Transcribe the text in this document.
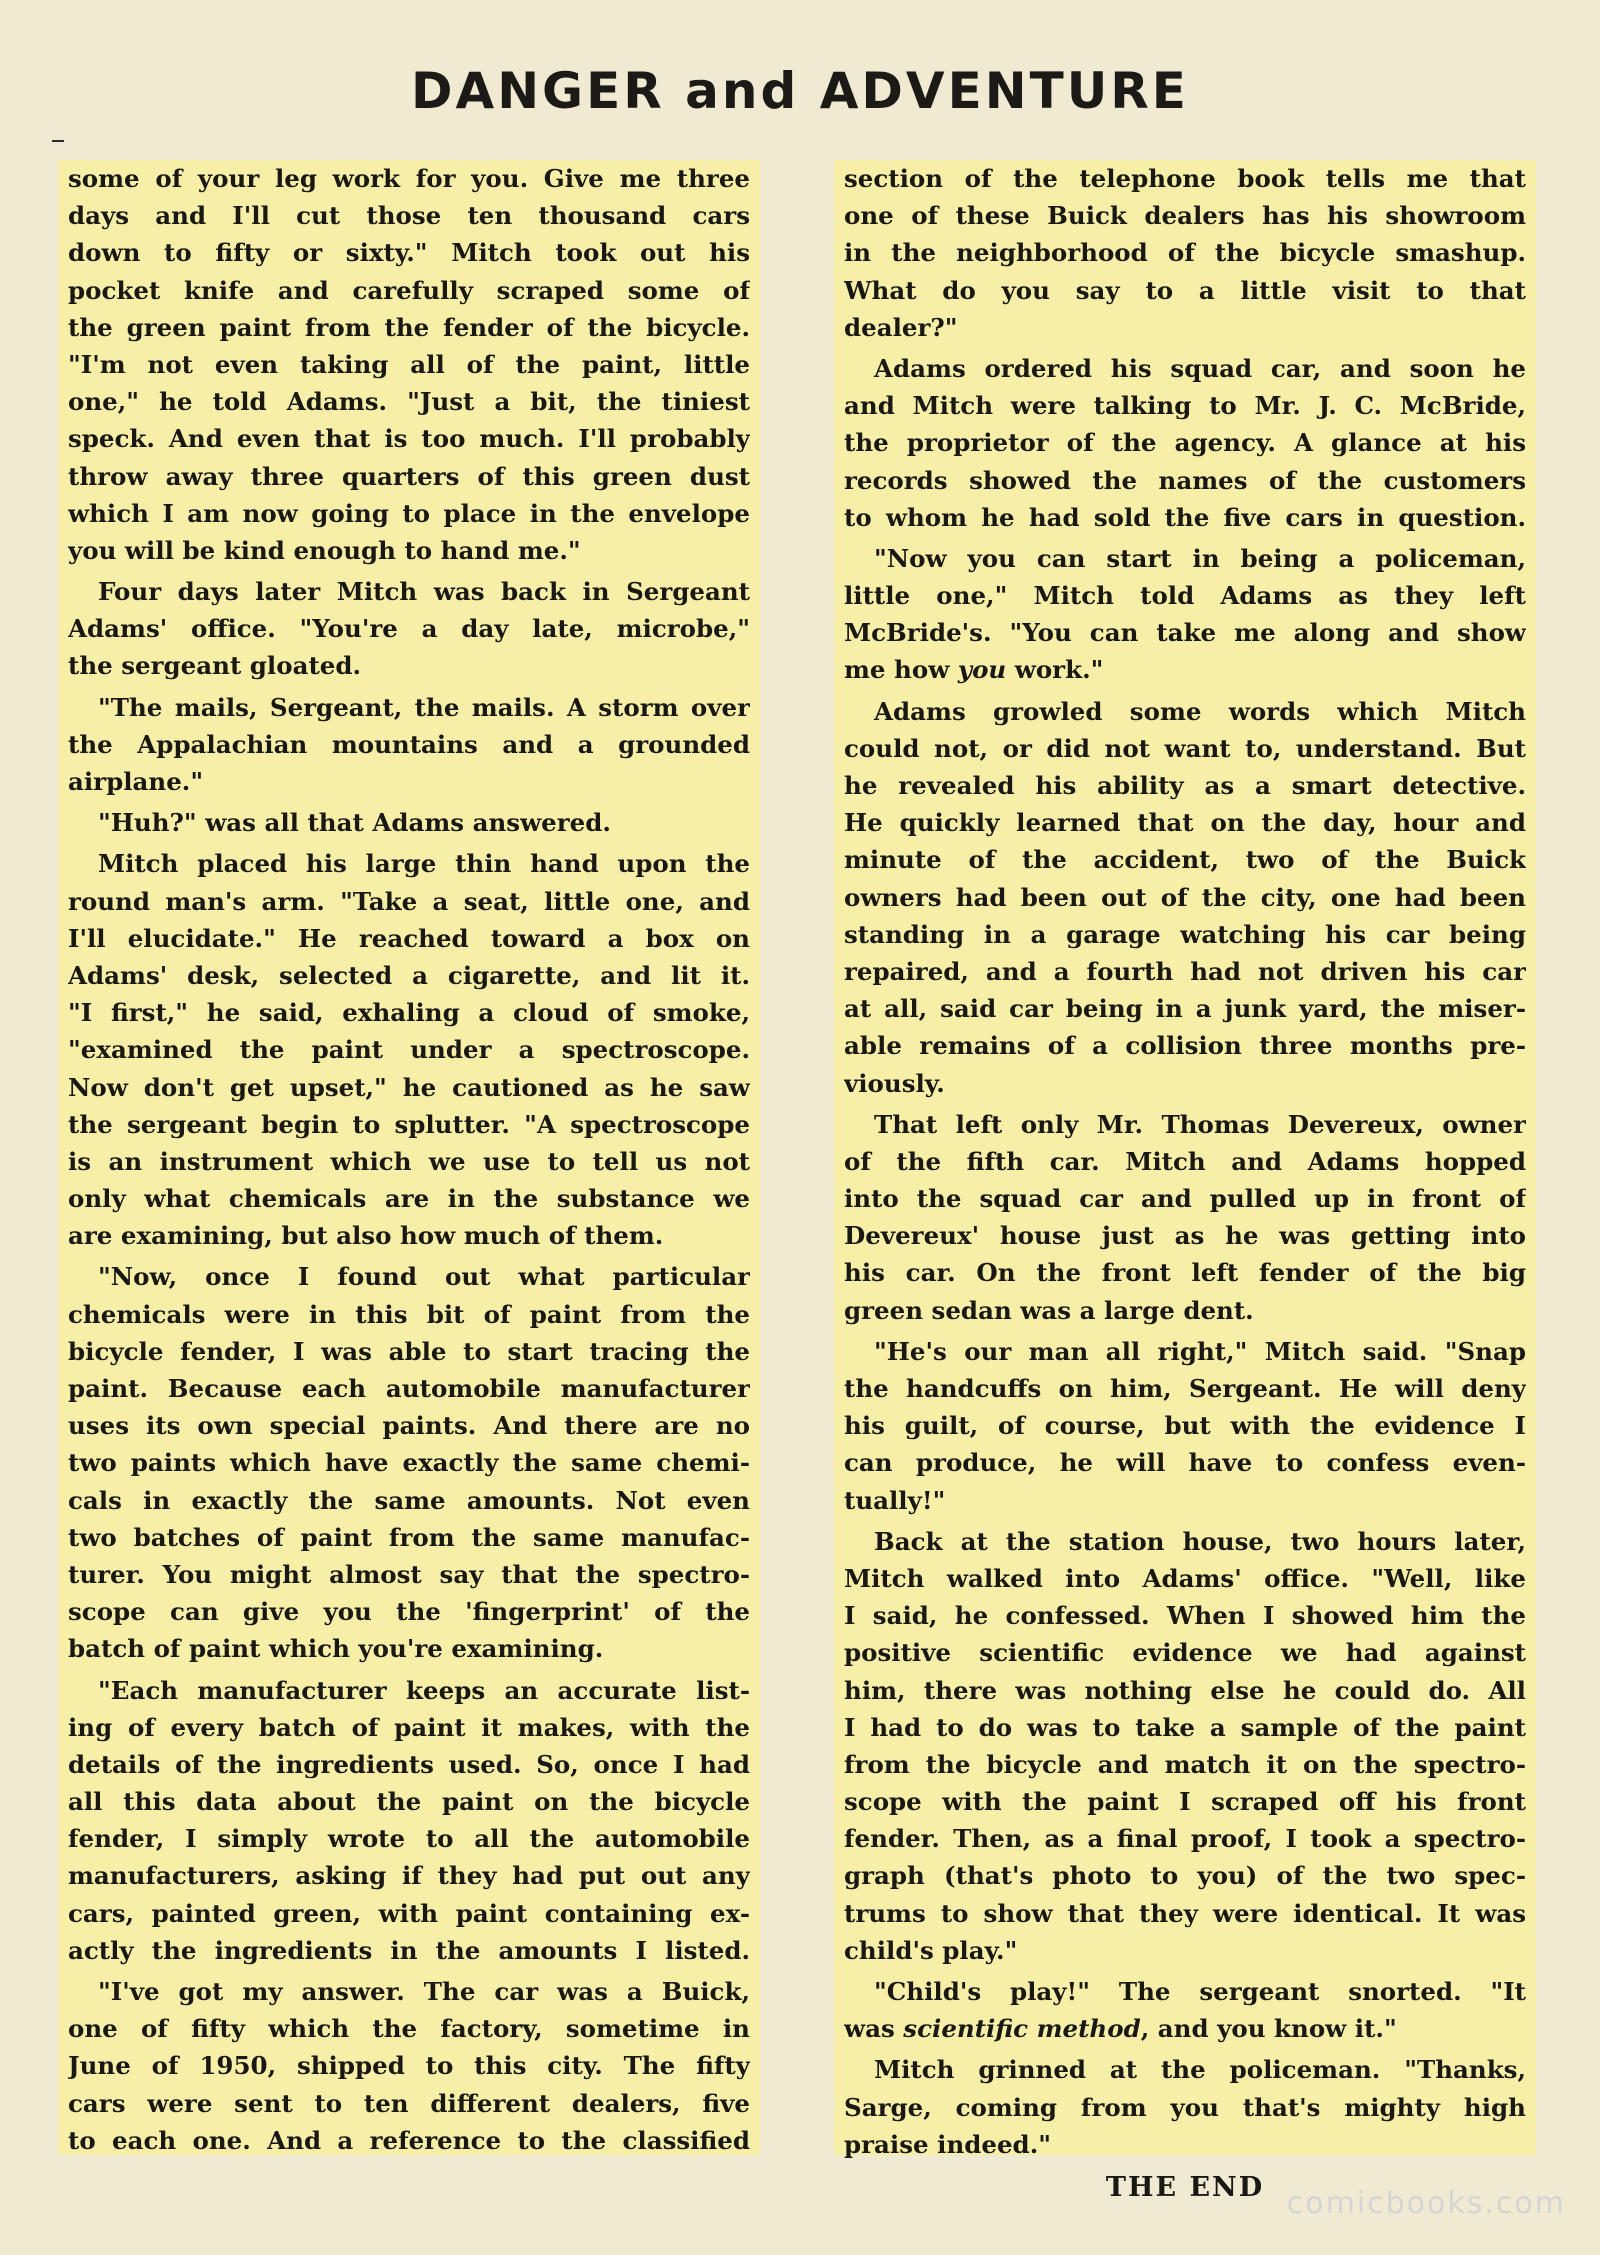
DANGER and ADVENTURE
some of your leg work for you. Give me three
days and I'll cut those ten thousand cars
down to fifty or sixty." Mitch took out his
pocket knife and carefully scraped some of
the green paint from the fender of the bicycle.
"I'm not even taking all of the paint, little
one," he told Adams. "Just a bit, the tiniest
speck. And even that is too much. I'll probably
throw away three quarters of this green dust
which I am now going to place in the envelope
you will be kind enough to hand me."
Four days later Mitch was back in Sergeant
Adams' office. "You're a day late, microbe,"
the sergeant gloated.
"The mails, Sergeant, the mails. A storm over
the Appalachian mountains and a grounded
airplane."
"Huh?" was all that Adams answered.
Mitch placed his large thin hand upon the
round man's arm. "Take a seat, little one, and
I'll elucidate." He reached toward a box on
Adams' desk, selected a cigarette, and lit it.
"I first," he said, exhaling a cloud of smoke,
"examined the paint under a spectroscope.
Now don't get upset," he cautioned as he saw
the sergeant begin to splutter. "A spectroscope
is an instrument which we use to tell us not
only what chemicals are in the substance we
are examining, but also how much of them.
"Now, once I found out what particular
chemicals were in this bit of paint from the
bicycle fender, I was able to start tracing the
paint. Because each automobile manufacturer
uses its own special paints. And there are no
two paints which have exactly the same chemi-
cals in exactly the same amounts. Not even
two batches of paint from the same manufac-
turer. You might almost say that the spectro-
scope can give you the 'fingerprint' of the
batch of paint which you're examining.
"Each manufacturer keeps an accurate list-
ing of every batch of paint it makes, with the
details of the ingredients used. So, once I had
all this data about the paint on the bicycle
fender, I simply wrote to all the automobile
manufacturers, asking if they had put out any
cars, painted green, with paint containing ex-
actly the ingredients in the amounts I listed.
"I've got my answer. The car was a Buick,
one of fifty which the factory, sometime in
June of 1950, shipped to this city. The fifty
cars were sent to ten different dealers, five
to each one. And a reference to the classified
section of the telephone book tells me that
one of these Buick dealers has his showroom
in the neighborhood of the bicycle smashup.
What do you say to a little visit to that
dealer?"
Adams ordered his squad car, and soon he
and Mitch were talking to Mr. J. C. McBride,
the proprietor of the agency. A glance at his
records showed the names of the customers
to whom he had sold the five cars in question.
"Now you can start in being a policeman,
little one," Mitch told Adams as they left
McBride's. "You can take me along and show
me how you work."
Adams growled some words which Mitch
could not, or did not want to, understand. But
he revealed his ability as a smart detective.
He quickly learned that on the day, hour and
minute of the accident, two of the Buick
owners had been out of the city, one had been
standing in a garage watching his car being
repaired, and a fourth had not driven his car
at all, said car being in a junk yard, the miser-
able remains of a collision three months pre-
viously.
That left only Mr. Thomas Devereux, owner
of the fifth car. Mitch and Adams hopped
into the squad car and pulled up in front of
Devereux' house just as he was getting into
his car. On the front left fender of the big
green sedan was a large dent.
"He's our man all right," Mitch said. "Snap
the handcuffs on him, Sergeant. He will deny
his guilt, of course, but with the evidence I
can produce, he will have to confess even-
tually!"
Back at the station house, two hours later,
Mitch walked into Adams' office. "Well, like
I said, he confessed. When I showed him the
positive scientific evidence we had against
him, there was nothing else he could do. All
I had to do was to take a sample of the paint
from the bicycle and match it on the spectro-
scope with the paint I scraped off his front
fender. Then, as a final proof, I took a spectro-
graph (that's photo to you) of the two spec-
trums to show that they were identical. It was
child's play."
"Child's play!" The sergeant snorted. "It
was scientific method, and you know it."
Mitch grinned at the policeman. "Thanks,
Sarge, coming from you that's mighty high
praise indeed."
THE END comicbooks.com
